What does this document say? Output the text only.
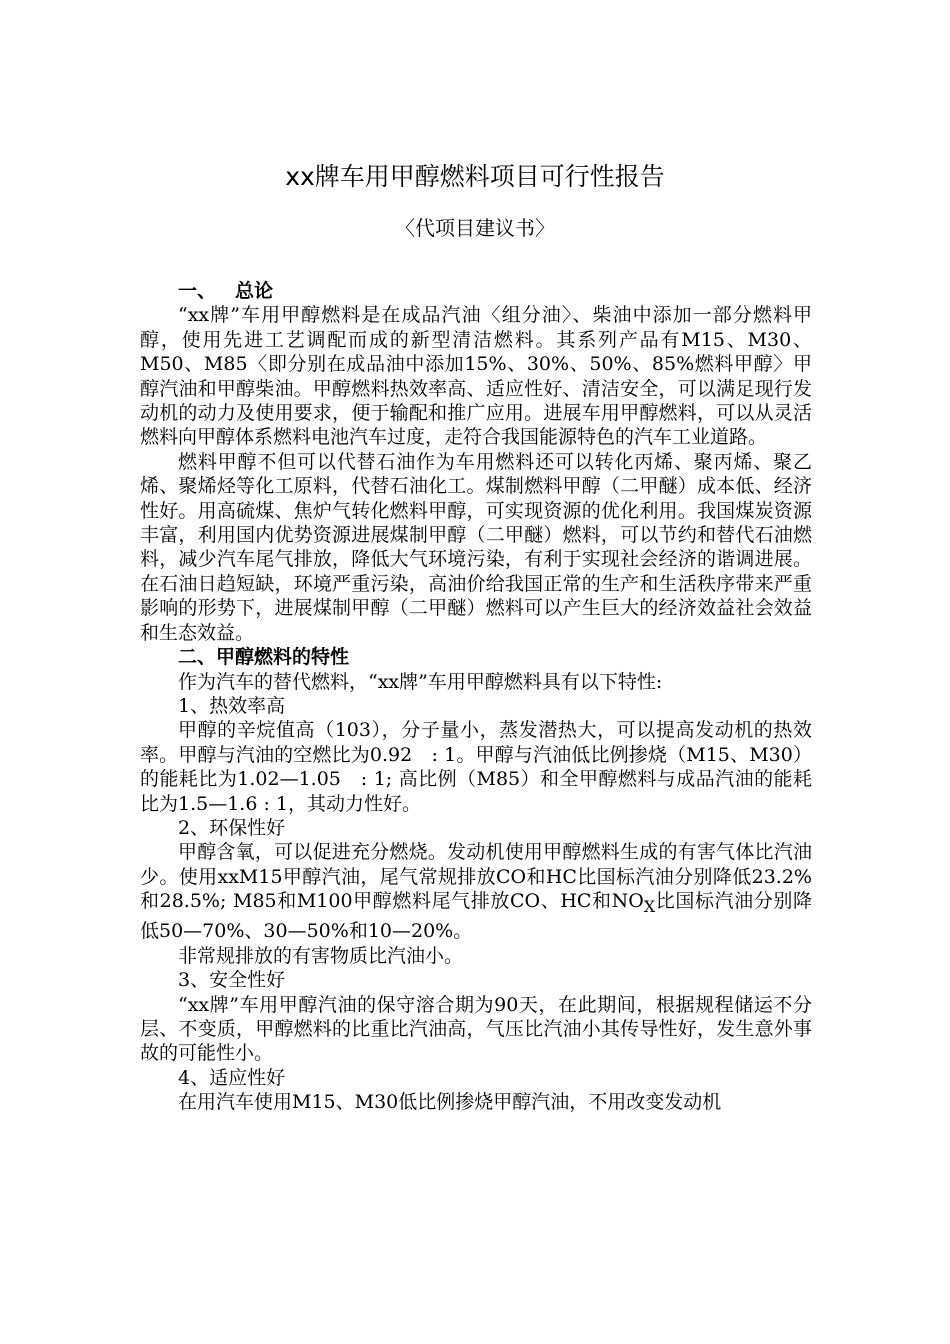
xx牌车用甲醇燃料项目可行性报告
〈代项目建议书〉
一、 总论

“xx牌”车用甲醇燃料是在成品汽油〈组分油〉、柴油中添加一部分燃料甲醇，使用先进工艺调配而成的新型清洁燃料。其系列产品有M15、M30、M50、M85〈即分别在成品油中添加15%、30%、50%、85%燃料甲醇〉甲醇汽油和甲醇柴油。甲醇燃料热效率高、适应性好、清洁安全，可以满足现行发动机的动力及使用要求，便于输配和推广应用。进展车用甲醇燃料，可以从灵活燃料向甲醇体系燃料电池汽车过度，走符合我国能源特色的汽车工业道路。

燃料甲醇不但可以代替石油作为车用燃料还可以转化丙烯、聚丙烯、聚乙烯、聚烯烃等化工原料，代替石油化工。煤制燃料甲醇（二甲醚）成本低、经济性好。用高硫煤、焦炉气转化燃料甲醇，可实现资源的优化利用。我国煤炭资源丰富，利用国内优势资源进展煤制甲醇（二甲醚）燃料，可以节约和替代石油燃料，减少汽车尾气排放，降低大气环境污染，有利于实现社会经济的谐调进展。在石油日趋短缺，环境严重污染，高油价给我国正常的生产和生活秩序带来严重影响的形势下，进展煤制甲醇（二甲醚）燃料可以产生巨大的经济效益社会效益和生态效益。

二、甲醇燃料的特性

作为汽车的替代燃料，“xx牌”车用甲醇燃料具有以下特性:

1、热效率高

甲醇的辛烷值高（103），分子量小，蒸发潜热大，可以提高发动机的热效率。甲醇与汽油的空燃比为0.92　: 1。甲醇与汽油低比例掺烧（M15、M30）的能耗比为1.02—1.05　: 1; 高比例（M85）和全甲醇燃料与成品汽油的能耗比为1.5—1.6 : 1，其动力性好。

2、环保性好

甲醇含氧，可以促进充分燃烧。发动机使用甲醇燃料生成的有害气体比汽油少。使用xxM15甲醇汽油，尾气常规排放CO和HC比国标汽油分别降低23.2%和28.5%; M85和M100甲醇燃料尾气排放CO、HC和$NO_X$比国标汽油分别降低50—70%、30—50%和10—20%。

非常规排放的有害物质比汽油小。

3、安全性好

“xx牌”车用甲醇汽油的保守溶合期为90天，在此期间，根据规程储运不分层、不变质，甲醇燃料的比重比汽油高，气压比汽油小其传导性好，发生意外事故的可能性小。

4、适应性好

在用汽车使用M15、M30低比例掺烧甲醇汽油，不用改变发动机
